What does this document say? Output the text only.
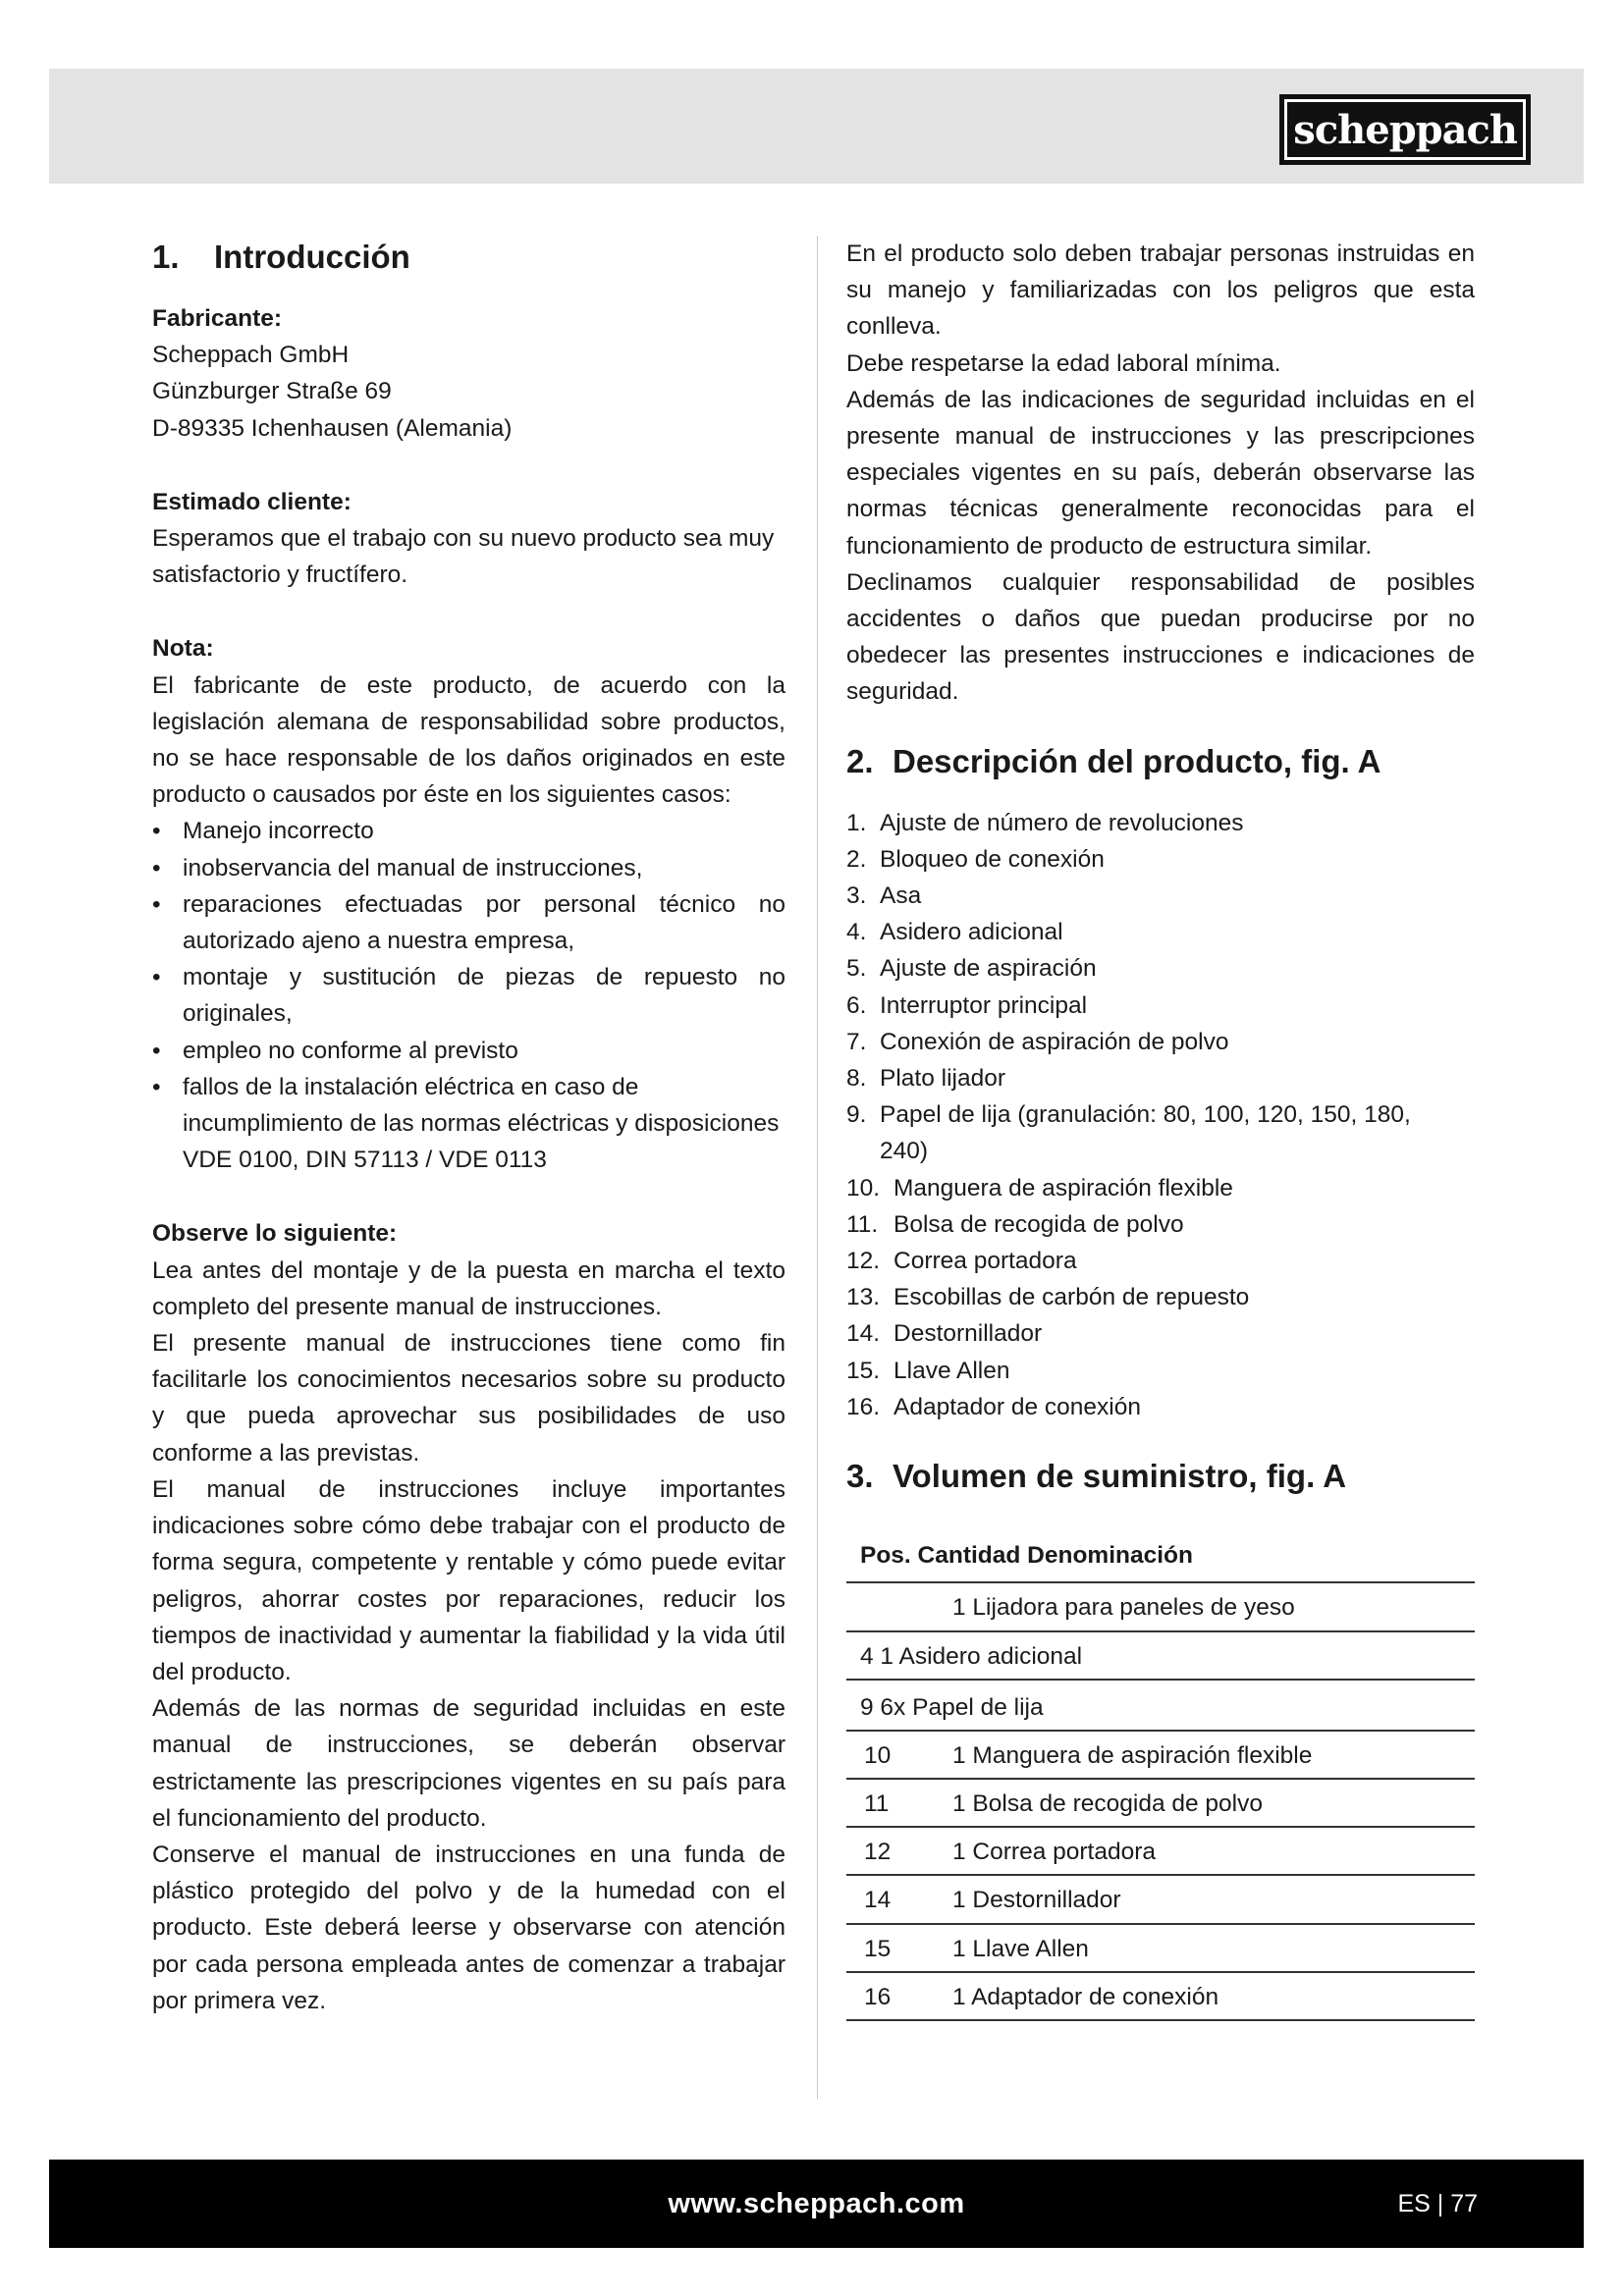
scheppach
1. Introducción

Fabricante:

Scheppach GmbH

Günzburger Straße 69

D-89335 Ichenhausen (Alemania)

Estimado cliente:

Esperamos que el trabajo con su nuevo producto sea muy satisfactorio y fructífero.

Nota:

El fabricante de este producto, de acuerdo con la legislación alemana de responsabilidad sobre productos, no se hace responsable de los daños originados en este producto o causados por éste en los siguientes casos:

• Manejo incorrecto
• inobservancia del manual de instrucciones,
• reparaciones efectuadas por personal técnico no autorizado ajeno a nuestra empresa,
• montaje y sustitución de piezas de repuesto no originales,
• empleo no conforme al previsto
• fallos de la instalación eléctrica en caso de incumplimiento de las normas eléctricas y disposiciones VDE 0100, DIN 57113 / VDE 0113

Observe lo siguiente:

Lea antes del montaje y de la puesta en marcha el texto completo del presente manual de instrucciones.

El presente manual de instrucciones tiene como fin facilitarle los conocimientos necesarios sobre su producto y que pueda aprovechar sus posibilidades de uso conforme a las previstas.

El manual de instrucciones incluye importantes indicaciones sobre cómo debe trabajar con el producto de forma segura, competente y rentable y cómo puede evitar peligros, ahorrar costes por reparaciones, reducir los tiempos de inactividad y aumentar la fiabilidad y la vida útil del producto.

Además de las normas de seguridad incluidas en este manual de instrucciones, se deberán observar estrictamente las prescripciones vigentes en su país para el funcionamiento del producto.

Conserve el manual de instrucciones en una funda de plástico protegido del polvo y de la humedad con el producto. Este deberá leerse y observarse con atención por cada persona empleada antes de comenzar a trabajar por primera vez.

En el producto solo deben trabajar personas instruidas en su manejo y familiarizadas con los peligros que esta conlleva.

Debe respetarse la edad laboral mínima.

Además de las indicaciones de seguridad incluidas en el presente manual de instrucciones y las prescripciones especiales vigentes en su país, deberán observarse las normas técnicas generalmente reconocidas para el funcionamiento de producto de estructura similar.

Declinamos cualquier responsabilidad de posibles accidentes o daños que puedan producirse por no obedecer las presentes instrucciones e indicaciones de seguridad.

2. Descripción del producto, fig. A
1. Ajuste de número de revoluciones
2. Bloqueo de conexión
3. Asa
4. Asidero adicional
5. Ajuste de aspiración
6. Interruptor principal
7. Conexión de aspiración de polvo
8. Plato lijador
9. Papel de lija (granulación: 80, 100, 120, 150, 180, 240)
10. Manguera de aspiración flexible
11. Bolsa de recogida de polvo
12. Correa portadora
13. Escobillas de carbón de repuesto
14. Destornillador
15. Llave Allen
16. Adaptador de conexión
3. Volumen de suministro, fig. A
Pos. Cantidad Denominación	
	1 Lijadora para paneles de yeso
4 1 Asidero adicional	
9 6x Papel de lija	
10	1 Manguera de aspiración flexible
11	1 Bolsa de recogida de polvo
12	1 Correa portadora
14	1 Destornillador
15	1 Llave Allen
16	1 Adaptador de conexión
www.scheppach.com	ES | 77
